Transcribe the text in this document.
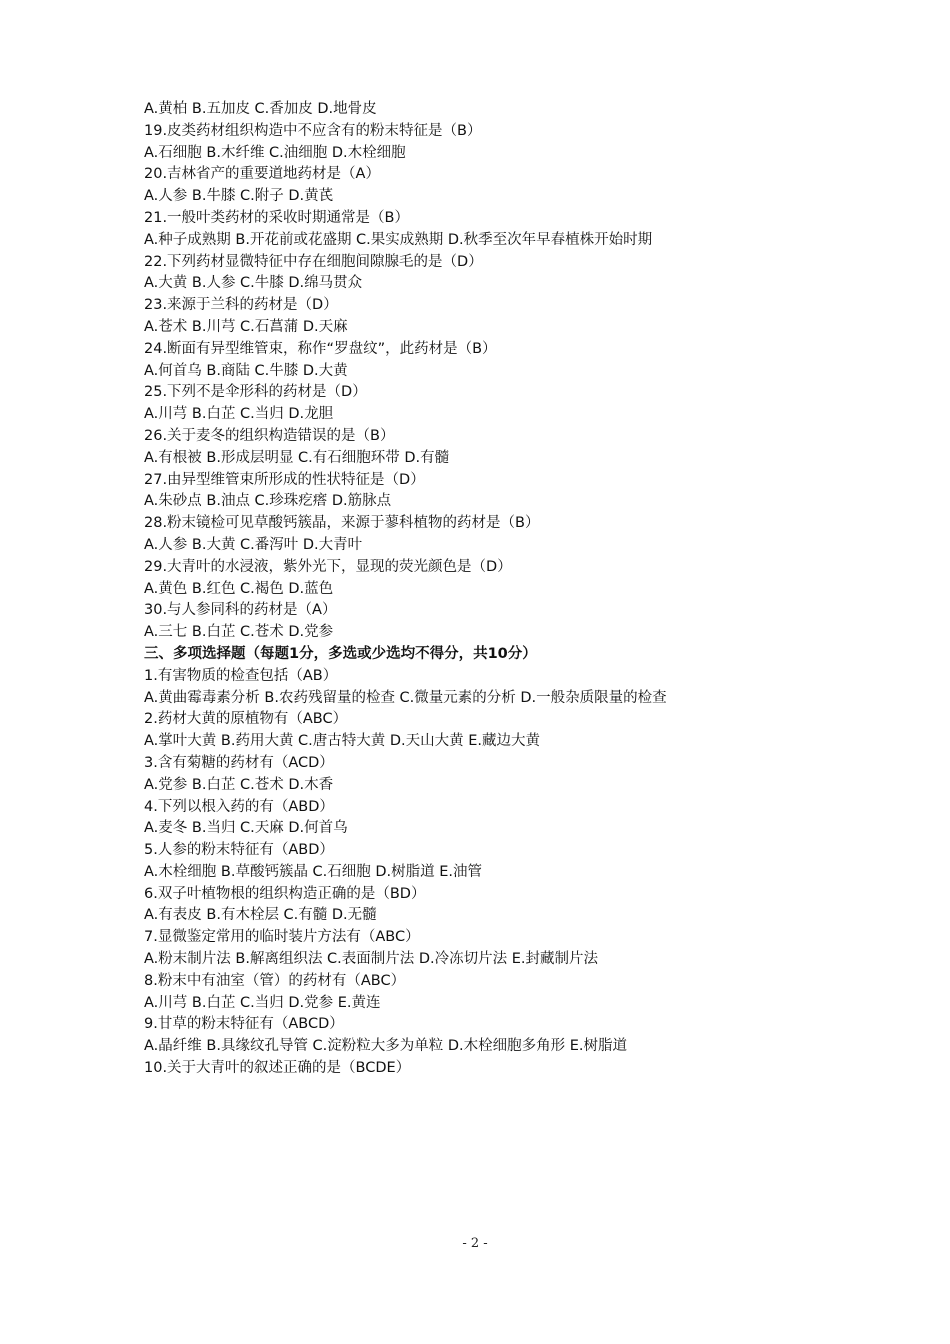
A.黄柏 B.五加皮 C.香加皮 D.地骨皮
19.皮类药材组织构造中不应含有的粉末特征是（B）
A.石细胞 B.木纤维 C.油细胞 D.木栓细胞
20.吉林省产的重要道地药材是（A）
A.人参 B.牛膝 C.附子 D.黄芪
21.一般叶类药材的采收时期通常是（B）
A.种子成熟期 B.开花前或花盛期 C.果实成熟期 D.秋季至次年早春植株开始时期
22.下列药材显微特征中存在细胞间隙腺毛的是（D）
A.大黄 B.人参 C.牛膝 D.绵马贯众
23.来源于兰科的药材是（D）
A.苍术 B.川芎 C.石菖蒲 D.天麻
24.断面有异型维管束，称作“罗盘纹”，此药材是（B）
A.何首乌 B.商陆 C.牛膝 D.大黄
25.下列不是伞形科的药材是（D）
A.川芎 B.白芷 C.当归 D.龙胆
26.关于麦冬的组织构造错误的是（B）
A.有根被 B.形成层明显 C.有石细胞环带 D.有髓
27.由异型维管束所形成的性状特征是（D）
A.朱砂点 B.油点 C.珍珠疙瘩 D.筋脉点
28.粉末镜检可见草酸钙簇晶，来源于蓼科植物的药材是（B）
A.人参 B.大黄 C.番泻叶 D.大青叶
29.大青叶的水浸液，紫外光下，显现的荧光颜色是（D）
A.黄色 B.红色 C.褐色 D.蓝色
30.与人参同科的药材是（A）
A.三七 B.白芷 C.苍术 D.党参
三、多项选择题（每题1分，多选或少选均不得分，共10分）
1.有害物质的检查包括（AB）
A.黄曲霉毒素分析 B.农药残留量的检查 C.微量元素的分析 D.一般杂质限量的检查
2.药材大黄的原植物有（ABC）
A.掌叶大黄 B.药用大黄 C.唐古特大黄 D.天山大黄 E.藏边大黄
3.含有菊糖的药材有（ACD）
A.党参 B.白芷 C.苍术 D.木香
4.下列以根入药的有（ABD）
A.麦冬 B.当归 C.天麻 D.何首乌
5.人参的粉末特征有（ABD）
A.木栓细胞 B.草酸钙簇晶 C.石细胞 D.树脂道 E.油管
6.双子叶植物根的组织构造正确的是（BD）
A.有表皮 B.有木栓层 C.有髓 D.无髓
7.显微鉴定常用的临时装片方法有（ABC）
A.粉末制片法 B.解离组织法 C.表面制片法 D.冷冻切片法 E.封藏制片法
8.粉末中有油室（管）的药材有（ABC）
A.川芎 B.白芷 C.当归 D.党参 E.黄连
9.甘草的粉末特征有（ABCD）
A.晶纤维 B.具缘纹孔导管 C.淀粉粒大多为单粒 D.木栓细胞多角形 E.树脂道
10.关于大青叶的叙述正确的是（BCDE）
- 2 -
